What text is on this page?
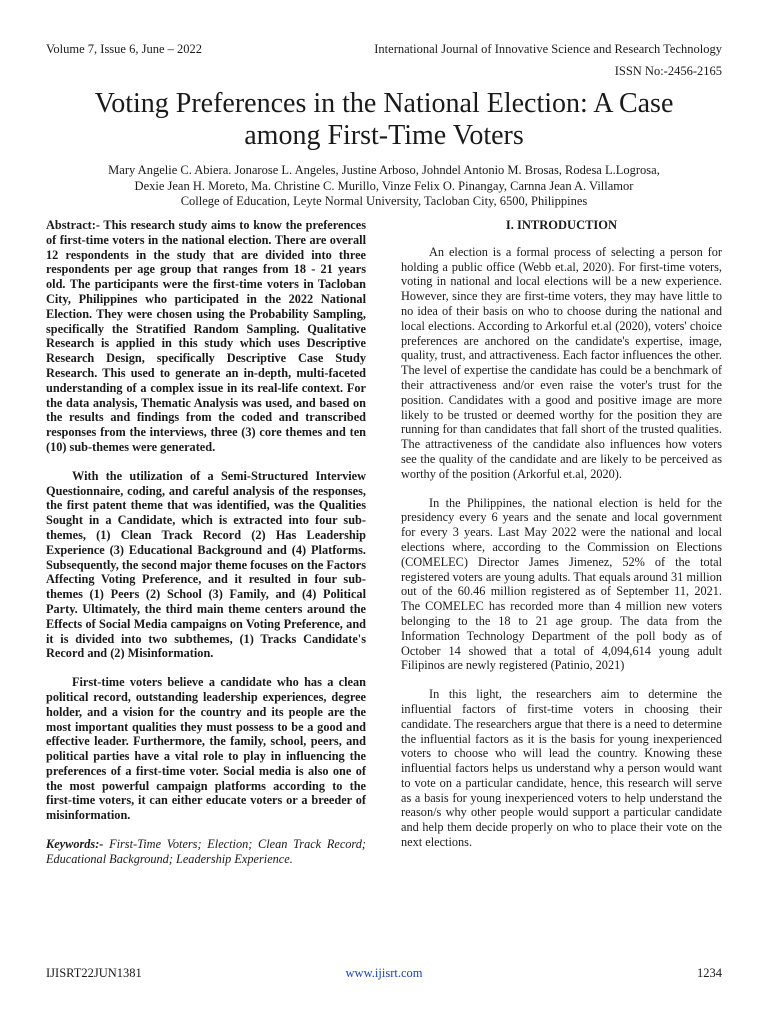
Volume 7, Issue 6, June – 2022	International Journal of Innovative Science and Research Technology
ISSN No:-2456-2165
Voting Preferences in the National Election: A Case among First-Time Voters
Mary Angelie C. Abiera. Jonarose L. Angeles, Justine Arboso, Johndel Antonio M. Brosas, Rodesa L.Logrosa,
Dexie Jean H. Moreto, Ma. Christine C. Murillo, Vinze Felix O. Pinangay, Carnna Jean A. Villamor
College of Education, Leyte Normal University, Tacloban City, 6500, Philippines

Abstract:- This research study aims to know the preferences of first-time voters in the national election. There are overall 12 respondents in the study that are divided into three respondents per age group that ranges from 18 - 21 years old. The participants were the first-time voters in Tacloban City, Philippines who participated in the 2022 National Election. They were chosen using the Probability Sampling, specifically the Stratified Random Sampling. Qualitative Research is applied in this study which uses Descriptive Research Design, specifically Descriptive Case Study Research. This used to generate an in-depth, multi-faceted understanding of a complex issue in its real-life context. For the data analysis, Thematic Analysis was used, and based on the results and findings from the coded and transcribed responses from the interviews, three (3) core themes and ten (10) sub-themes were generated.

With the utilization of a Semi-Structured Interview Questionnaire, coding, and careful analysis of the responses, the first patent theme that was identified, was the Qualities Sought in a Candidate, which is extracted into four sub-themes, (1) Clean Track Record (2) Has Leadership Experience (3) Educational Background and (4) Platforms. Subsequently, the second major theme focuses on the Factors Affecting Voting Preference, and it resulted in four sub-themes (1) Peers (2) School (3) Family, and (4) Political Party. Ultimately, the third main theme centers around the Effects of Social Media campaigns on Voting Preference, and it is divided into two subthemes, (1) Tracks Candidate's Record and (2) Misinformation.

First-time voters believe a candidate who has a clean political record, outstanding leadership experiences, degree holder, and a vision for the country and its people are the most important qualities they must possess to be a good and effective leader. Furthermore, the family, school, peers, and political parties have a vital role to play in influencing the preferences of a first-time voter. Social media is also one of the most powerful campaign platforms according to the first-time voters, it can either educate voters or a breeder of misinformation.

Keywords:- First-Time Voters; Election; Clean Track Record; Educational Background; Leadership Experience.

I. INTRODUCTION

An election is a formal process of selecting a person for holding a public office (Webb et.al, 2020). For first-time voters, voting in national and local elections will be a new experience. However, since they are first-time voters, they may have little to no idea of their basis on who to choose during the national and local elections. According to Arkorful et.al (2020), voters' choice preferences are anchored on the candidate's expertise, image, quality, trust, and attractiveness. Each factor influences the other. The level of expertise the candidate has could be a benchmark of their attractiveness and/or even raise the voter's trust for the position. Candidates with a good and positive image are more likely to be trusted or deemed worthy for the position they are running for than candidates that fall short of the trusted qualities. The attractiveness of the candidate also influences how voters see the quality of the candidate and are likely to be perceived as worthy of the position (Arkorful et.al, 2020).

In the Philippines, the national election is held for the presidency every 6 years and the senate and local government for every 3 years. Last May 2022 were the national and local elections where, according to the Commission on Elections (COMELEC) Director James Jimenez, 52% of the total registered voters are young adults. That equals around 31 million out of the 60.46 million registered as of September 11, 2021. The COMELEC has recorded more than 4 million new voters belonging to the 18 to 21 age group. The data from the Information Technology Department of the poll body as of October 14 showed that a total of 4,094,614 young adult Filipinos are newly registered (Patinio, 2021)

In this light, the researchers aim to determine the influential factors of first-time voters in choosing their candidate. The researchers argue that there is a need to determine the influential factors as it is the basis for young inexperienced voters to choose who will lead the country. Knowing these influential factors helps us understand why a person would want to vote on a particular candidate, hence, this research will serve as a basis for young inexperienced voters to help understand the reason/s why other people would support a particular candidate and help them decide properly on who to place their vote on the next elections.

IJISRT22JUN1381	www.ijisrt.com	1234
